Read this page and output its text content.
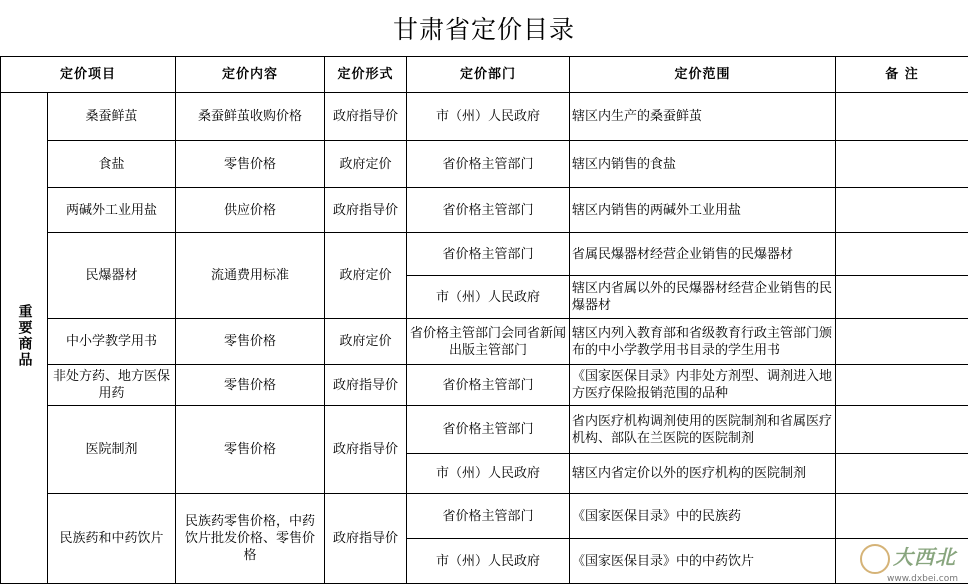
甘肃省定价目录
定价项目		定价内容	定价形式	定价部门	定价范围	备 注
重要商品	桑蚕鲜茧	桑蚕鲜茧收购价格	政府指导价	市（州）人民政府	辖区内生产的桑蚕鲜茧	
	食盐	零售价格	政府定价	省价格主管部门	辖区内销售的食盐	
	两碱外工业用盐	供应价格	政府指导价	省价格主管部门	辖区内销售的两碱外工业用盐	
	民爆器材	流通费用标准	政府定价	省价格主管部门	省属民爆器材经营企业销售的民爆器材	
				市（州）人民政府	辖区内省属以外的民爆器材经营企业销售的民爆器材	
	中小学教学用书	零售价格	政府定价	省价格主管部门会同省新闻出版主管部门	辖区内列入教育部和省级教育行政主管部门颁布的中小学教学用书目录的学生用书	
	非处方药、地方医保用药	零售价格	政府指导价	省价格主管部门	《国家医保目录》内非处方剂型、调剂进入地方医疗保险报销范围的品种	
	医院制剂	零售价格	政府指导价	省价格主管部门	省内医疗机构调剂使用的医院制剂和省属医疗机构、部队在兰医院的医院制剂	
				市（州）人民政府	辖区内省定价以外的医疗机构的医院制剂	
	民族药和中药饮片	民族药零售价格，中药饮片批发价格、零售价格	政府指导价	省价格主管部门	《国家医保目录》中的民族药	
				市（州）人民政府	《国家医保目录》中的中药饮片		大西北
www.dxbei.com
